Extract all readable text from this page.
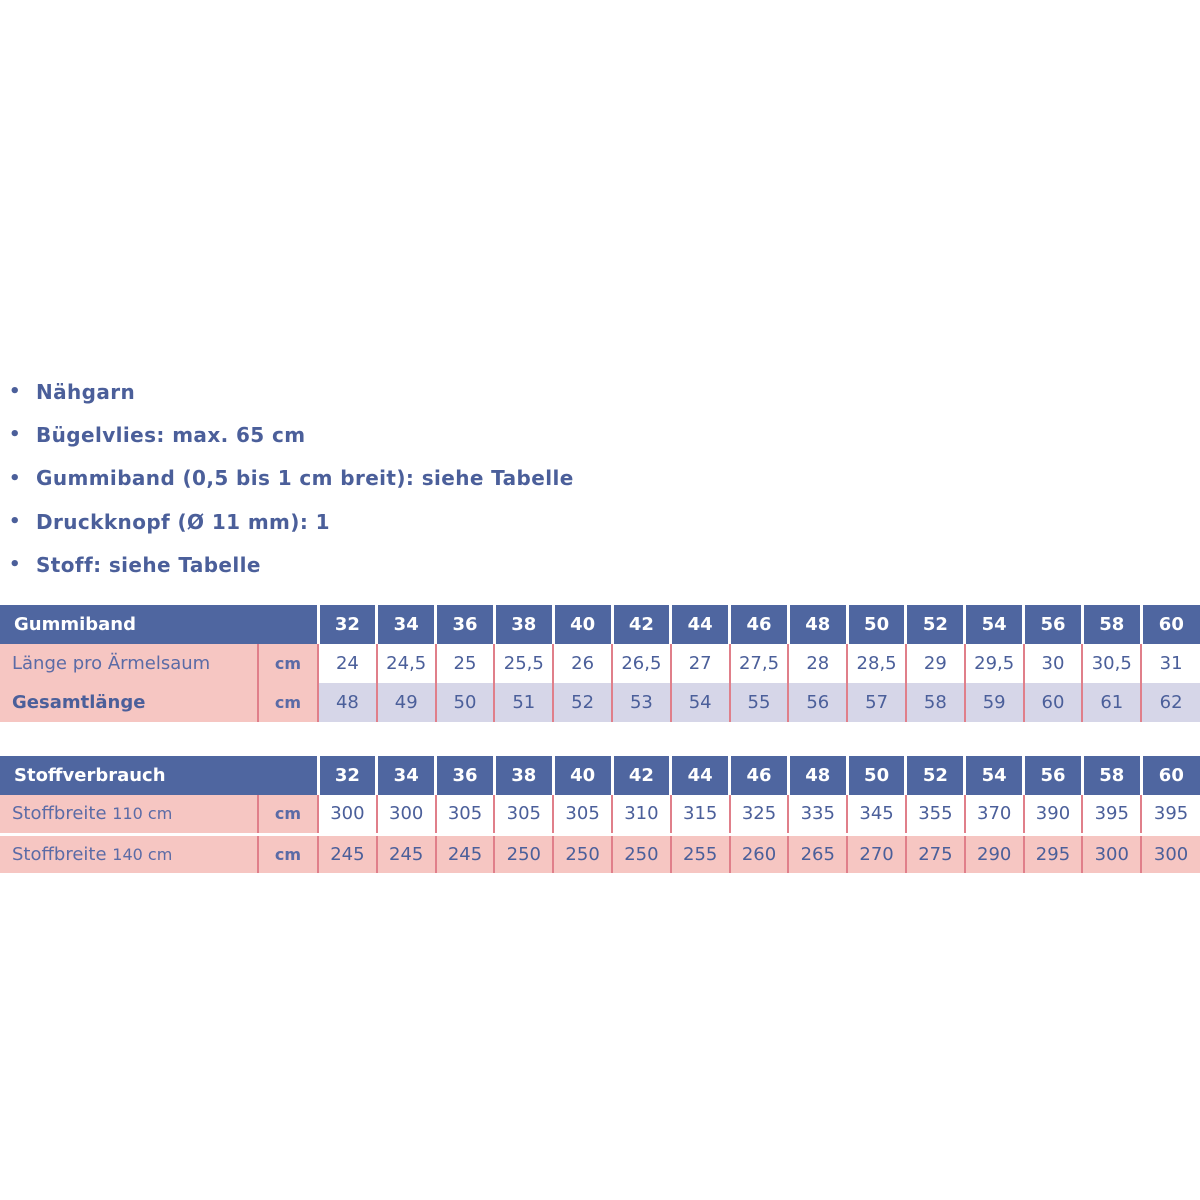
• Nähgarn
• Bügelvlies: max. 65 cm
• Gummiband (0,5 bis 1 cm breit): siehe Tabelle
• Druckknopf (Ø 11 mm): 1
• Stoff: siehe Tabelle
Gummiband		32	34	36	38	40	42	44	46	48	50	52	54	56	58	60
Länge pro Ärmelsaum	cm	24	24,5	25	25,5	26	26,5	27	27,5	28	28,5	29	29,5	30	30,5	31
Gesamtlänge	cm	48	49	50	51	52	53	54	55	56	57	58	59	60	61	62
Stoffverbrauch		32	34	36	38	40	42	44	46	48	50	52	54	56	58	60
Stoffbreite 110 cm	cm	300	300	305	305	305	310	315	325	335	345	355	370	390	395	395
Stoffbreite 140 cm	cm	245	245	245	250	250	250	255	260	265	270	275	290	295	300	300
